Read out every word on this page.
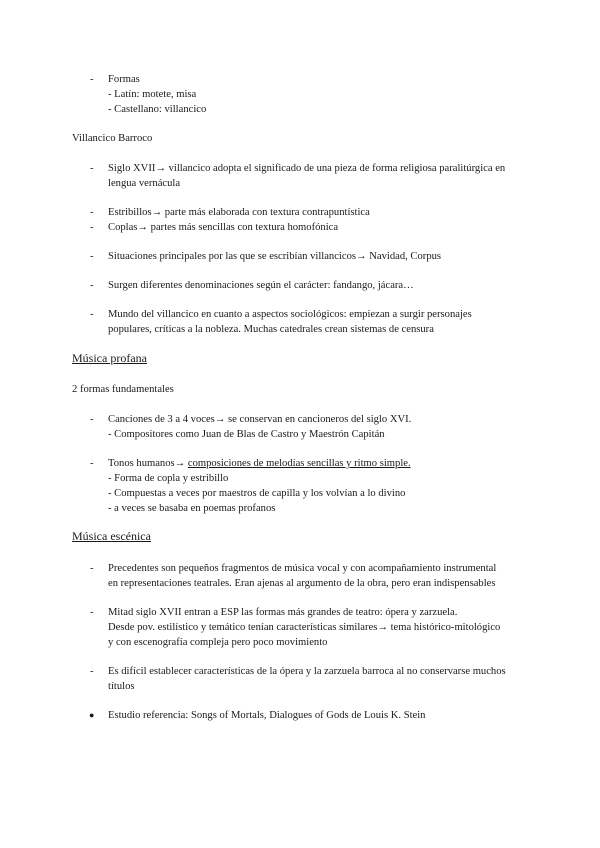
-	Formas
- Latín: motete, misa
- Castellano: villancico

Villancico Barroco

-	Siglo XVII→ villancico adopta el significado de una pieza de forma religiosa paralitúrgica en
lengua vernácula
-	Estribillos→ parte más elaborada con textura contrapuntística
-	Coplas→ partes más sencillas con textura homofónica
-	Situaciones principales por las que se escribían villancicos→ Navidad, Corpus
-	Surgen diferentes denominaciones según el carácter: fandango, jácara…
-	Mundo del villancico en cuanto a aspectos sociológicos: empiezan a surgir personajes
populares, críticas a la nobleza. Muchas catedrales crean sistemas de censura
Música profana

2 formas fundamentales

-	Canciones de 3 a 4 voces→ se conservan en cancioneros del siglo XVI.
- Compositores como Juan de Blas de Castro y Maestrón Capitán
-	Tonos humanos→ composiciones de melodías sencillas y ritmo simple.
- Forma de copla y estribillo
- Compuestas a veces por maestros de capilla y los volvían a lo divino
- a veces se basaba en poemas profanos
Música escénica
-	Precedentes son pequeños fragmentos de música vocal y con acompañamiento instrumental
en representaciones teatrales. Eran ajenas al argumento de la obra, pero eran indispensables
-	Mitad siglo XVII entran a ESP las formas más grandes de teatro: ópera y zarzuela.
Desde pov. estilístico y temático tenían características similares→ tema histórico-mitológico
y con escenografía compleja pero poco movimiento
-	Es difícil establecer características de la ópera y la zarzuela barroca al no conservarse muchos
títulos
● Estudio referencia: Songs of Mortals, Dialogues of Gods de Louis K. Stein
